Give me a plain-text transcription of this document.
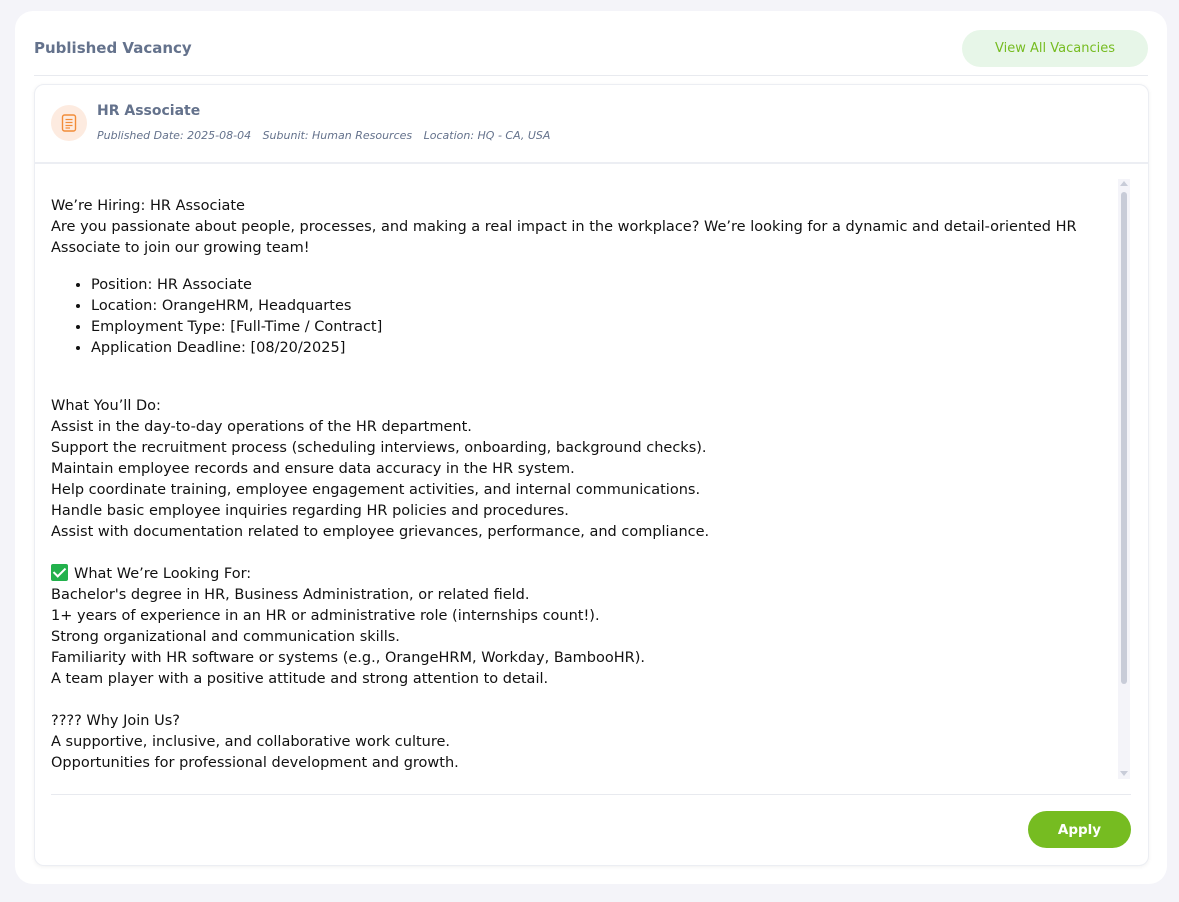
Published Vacancy	View All Vacancies
HR Associate
Published Date: 2025-08-04 Subunit: Human Resources Location: HQ - CA, USA

We’re Hiring: HR Associate

Are you passionate about people, processes, and making a real impact in the workplace? We’re looking for a dynamic and detail-oriented HR Associate to join our growing team!

• Position: HR Associate
• Location: OrangeHRM, Headquartes
• Employment Type: [Full-Time / Contract]
• Application Deadline: [08/20/2025]

What You’ll Do:

Assist in the day-to-day operations of the HR department.

Support the recruitment process (scheduling interviews, onboarding, background checks).

Maintain employee records and ensure data accuracy in the HR system.

Help coordinate training, employee engagement activities, and internal communications.

Handle basic employee inquiries regarding HR policies and procedures.

Assist with documentation related to employee grievances, performance, and compliance.

What We’re Looking For:

Bachelor's degree in HR, Business Administration, or related field.

1+ years of experience in an HR or administrative role (internships count!).

Strong organizational and communication skills.

Familiarity with HR software or systems (e.g., OrangeHRM, Workday, BambooHR).

A team player with a positive attitude and strong attention to detail.

???? Why Join Us?

A supportive, inclusive, and collaborative work culture.

Opportunities for professional development and growth.

Apply
